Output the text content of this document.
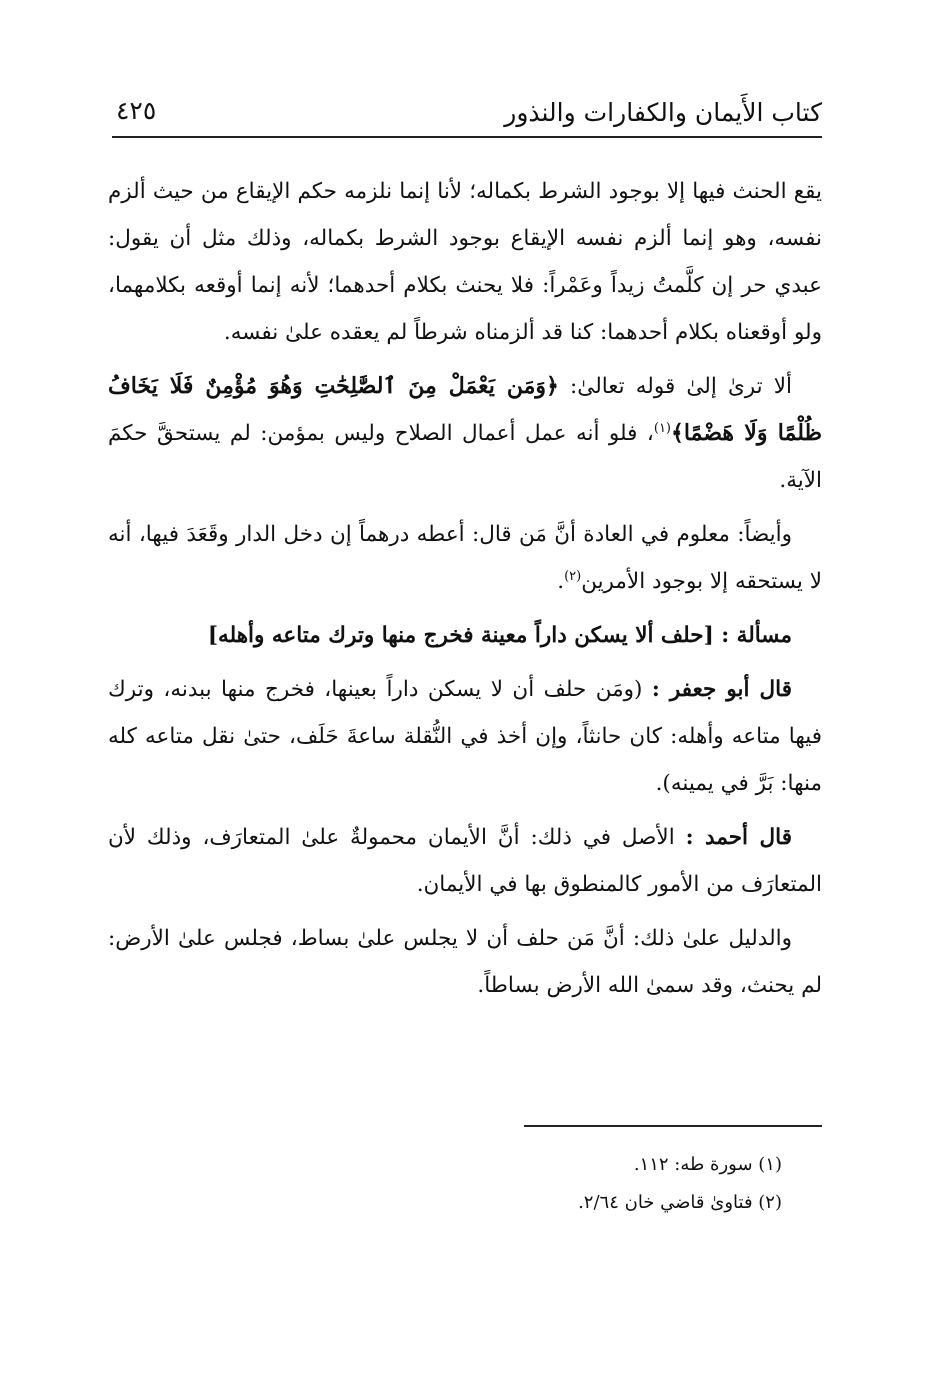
كتاب الأَيمان والكفارات والنذور
٤٢٥

يقع الحنث فيها إلا بوجود الشرط بكماله؛ لأنا إنما نلزمه حكم الإيقاع من حيث ألزم نفسه، وهو إنما ألزم نفسه الإيقاع بوجود الشرط بكماله، وذلك مثل أن يقول: عبدي حر إن كلَّمتُ زيداً وعَمْراً: فلا يحنث بكلام أحدهما؛ لأنه إنما أوقعه بكلامهما، ولو أوقعناه بكلام أحدهما: كنا قد ألزمناه شرطاً لم يعقده علىٰ نفسه.

ألا ترىٰ إلىٰ قوله تعالىٰ: ﴿وَمَن يَعْمَلْ مِنَ ٱلصَّٰلِحَٰتِ وَهُوَ مُؤْمِنٌ فَلَا يَخَافُ ظُلْمًا وَلَا هَضْمًا﴾$^{(١)}$، فلو أنه عمل أعمال الصلاح وليس بمؤمن: لم يستحقَّ حكمَ الآية.

وأيضاً: معلوم في العادة أنَّ مَن قال: أعطه درهماً إن دخل الدار وقَعَدَ فيها، أنه لا يستحقه إلا بوجود الأمرين$^{(٢)}$.

مسألة : [حلف ألا يسكن داراً معينة فخرج منها وترك متاعه وأهله]

قال أبو جعفر : (ومَن حلف أن لا يسكن داراً بعينها، فخرج منها ببدنه، وترك فيها متاعه وأهله: كان حانثاً، وإن أخذ في النُّقلة ساعةَ حَلَف، حتىٰ نقل متاعه كله منها: بَرَّ في يمينه).

قال أحمد : الأصل في ذلك: أنَّ الأيمان محمولةٌ علىٰ المتعارَف، وذلك لأن المتعارَف من الأمور كالمنطوق بها في الأيمان.

والدليل علىٰ ذلك: أنَّ مَن حلف أن لا يجلس علىٰ بساط، فجلس علىٰ الأرض: لم يحنث، وقد سمىٰ الله الأرض بساطاً.

(١) سورة طه: ١١٢.
(٢) فتاوىٰ قاضي خان ٢/٦٤.
